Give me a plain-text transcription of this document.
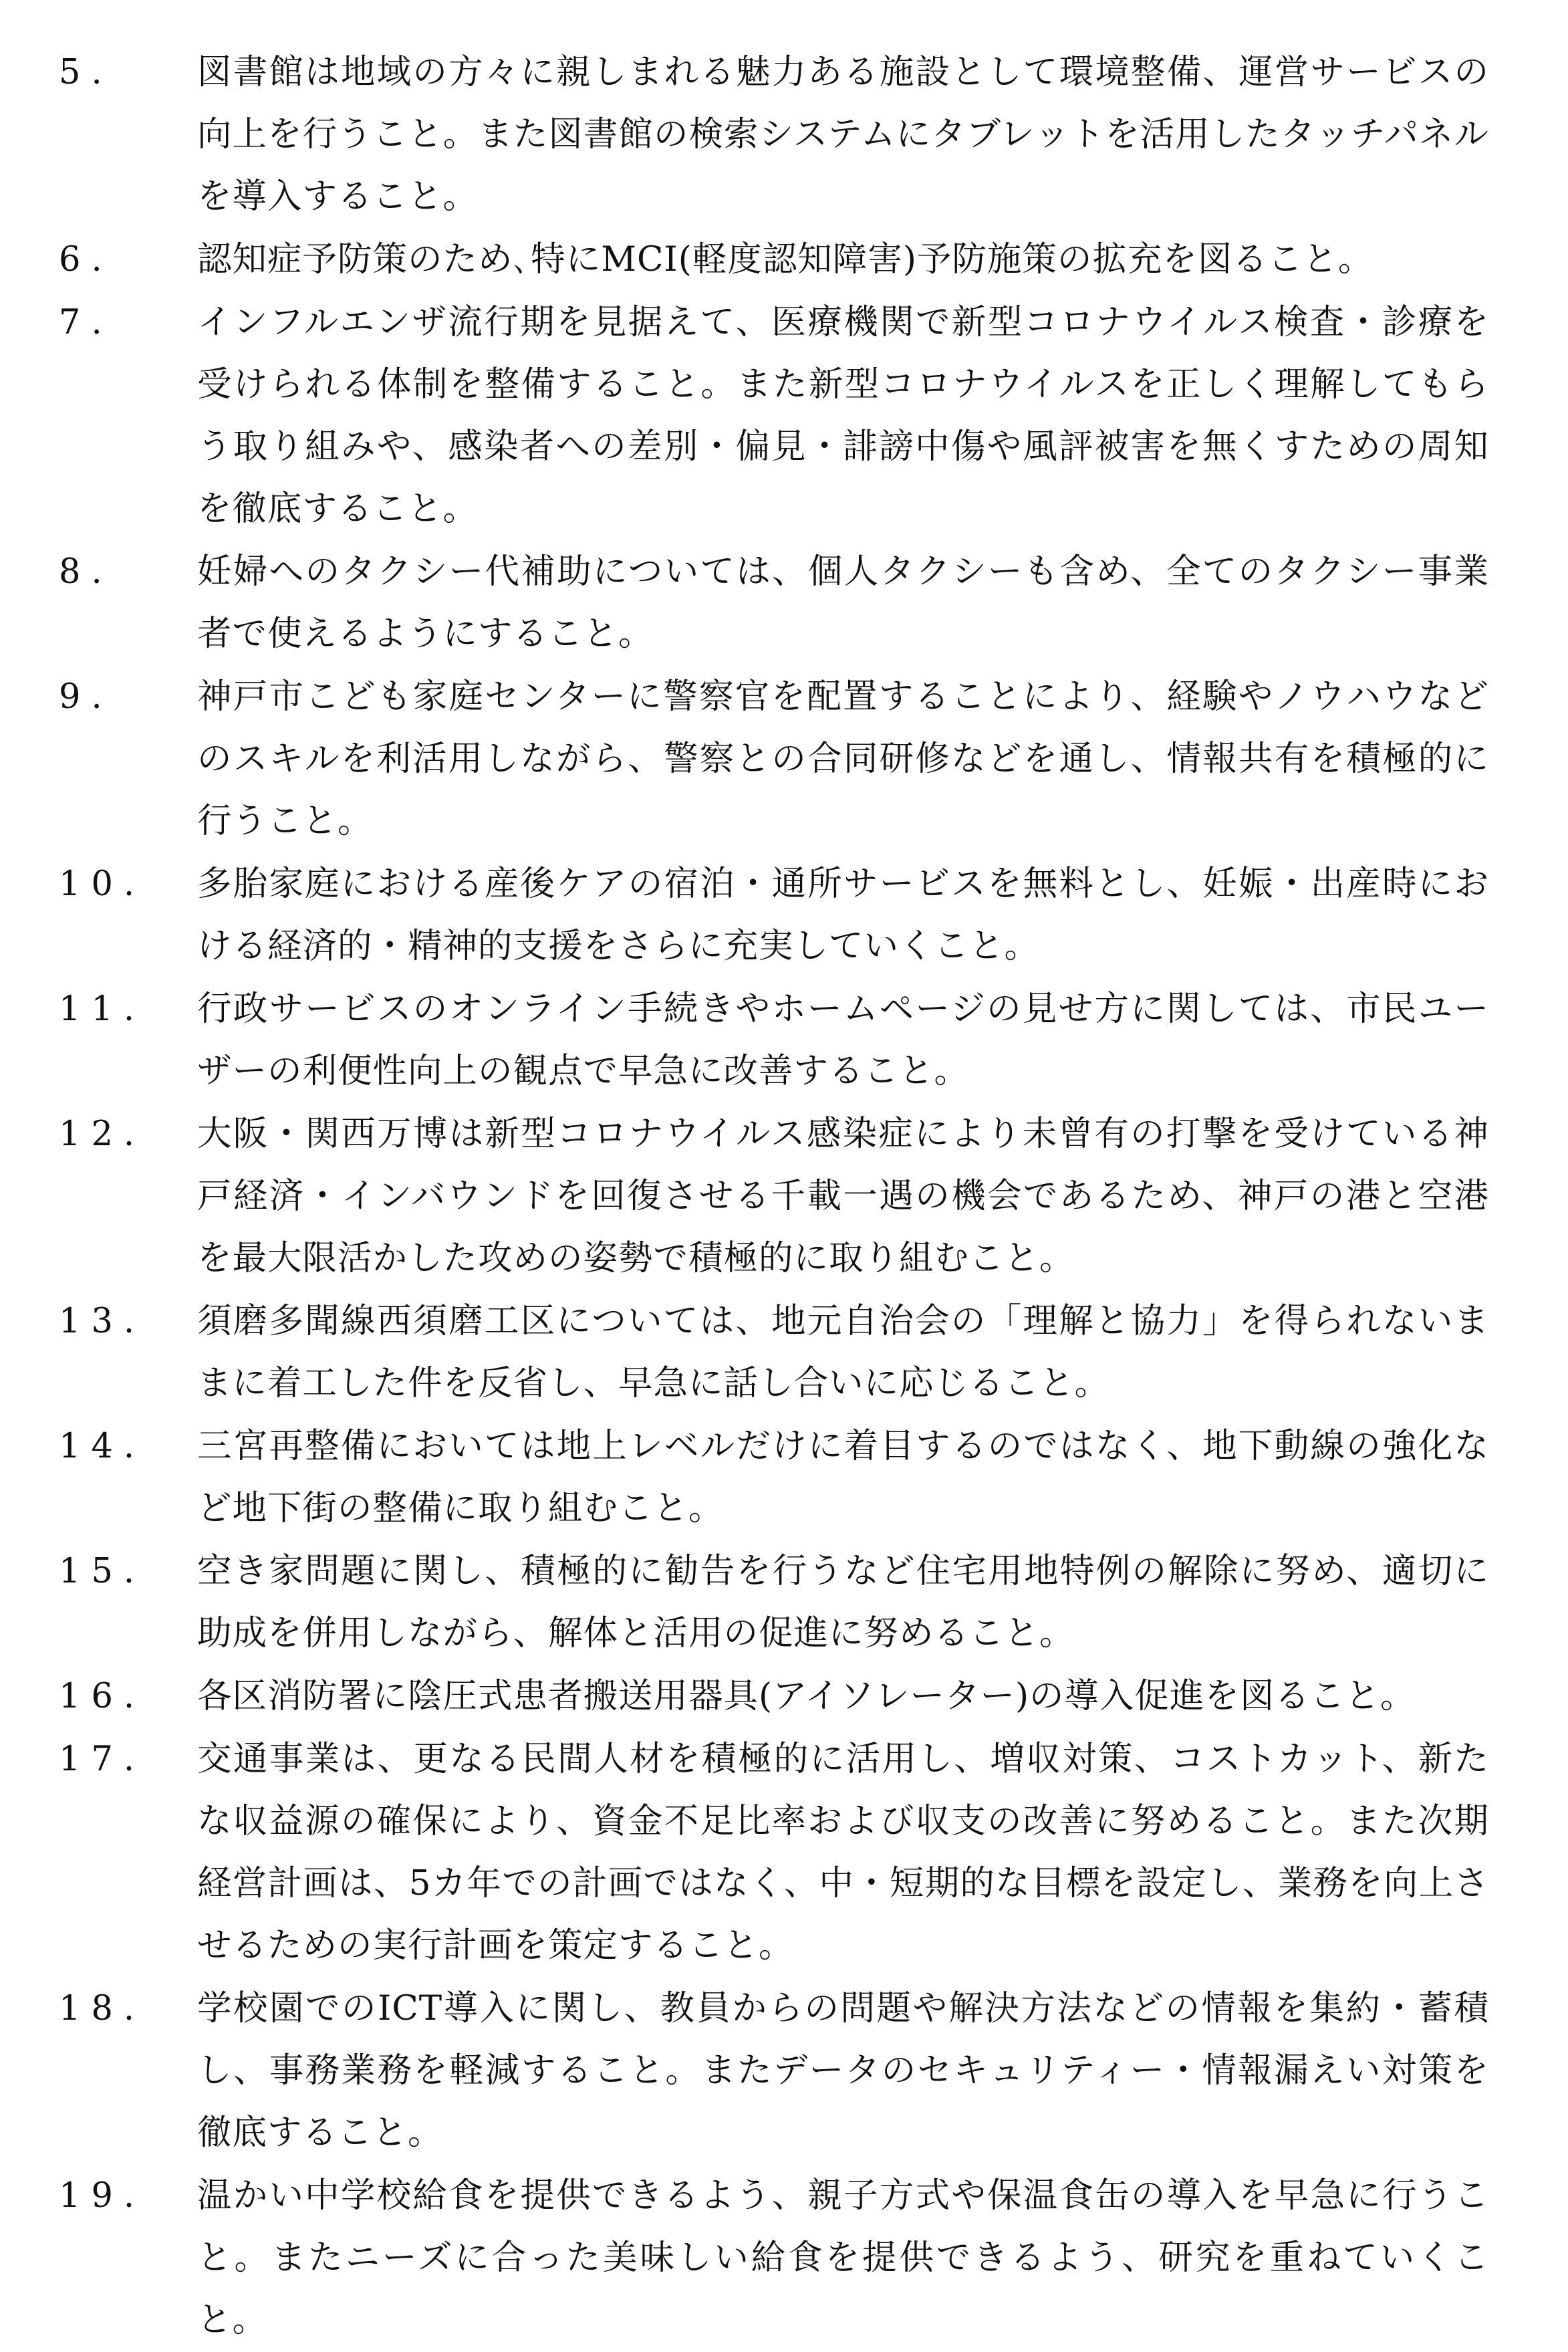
5.	図書館は地域の方々に親しまれる魅力ある施設として環境整備、運営サービスの向上を行うこと。また図書館の検索システムにタブレットを活用したタッチパネルを導入すること。

6.	認知症予防策のため､特にMCI(軽度認知障害)予防施策の拡充を図ること。

7.	インフルエンザ流行期を見据えて、医療機関で新型コロナウイルス検査・診療を受けられる体制を整備すること。また新型コロナウイルスを正しく理解してもらう取り組みや、感染者への差別・偏見・誹謗中傷や風評被害を無くすための周知を徹底すること。

8.	妊婦へのタクシー代補助については、個人タクシーも含め、全てのタクシー事業者で使えるようにすること。

9.	神戸市こども家庭センターに警察官を配置することにより、経験やノウハウなどのスキルを利活用しながら、警察との合同研修などを通し、情報共有を積極的に行うこと。

10.	多胎家庭における産後ケアの宿泊・通所サービスを無料とし、妊娠・出産時における経済的・精神的支援をさらに充実していくこと。

11.	行政サービスのオンライン手続きやホームページの見せ方に関しては、市民ユーザーの利便性向上の観点で早急に改善すること。

12.	大阪・関西万博は新型コロナウイルス感染症により未曾有の打撃を受けている神戸経済・インバウンドを回復させる千載一遇の機会であるため、神戸の港と空港を最大限活かした攻めの姿勢で積極的に取り組むこと。

13.	須磨多聞線西須磨工区については、地元自治会の「理解と協力」を得られないままに着工した件を反省し、早急に話し合いに応じること。

14.	三宮再整備においては地上レベルだけに着目するのではなく、地下動線の強化など地下街の整備に取り組むこと。

15.	空き家問題に関し、積極的に勧告を行うなど住宅用地特例の解除に努め、適切に助成を併用しながら、解体と活用の促進に努めること。

16.	各区消防署に陰圧式患者搬送用器具(アイソレーター)の導入促進を図ること。

17.	交通事業は、更なる民間人材を積極的に活用し、増収対策、コストカット、新たな収益源の確保により、資金不足比率および収支の改善に努めること。また次期経営計画は、5カ年での計画ではなく、中・短期的な目標を設定し、業務を向上させるための実行計画を策定すること。

18.	学校園でのICT導入に関し、教員からの問題や解決方法などの情報を集約・蓄積し、事務業務を軽減すること。またデータのセキュリティー・情報漏えい対策を徹底すること。

19.	温かい中学校給食を提供できるよう、親子方式や保温食缶の導入を早急に行うこと。またニーズに合った美味しい給食を提供できるよう、研究を重ねていくこと。
